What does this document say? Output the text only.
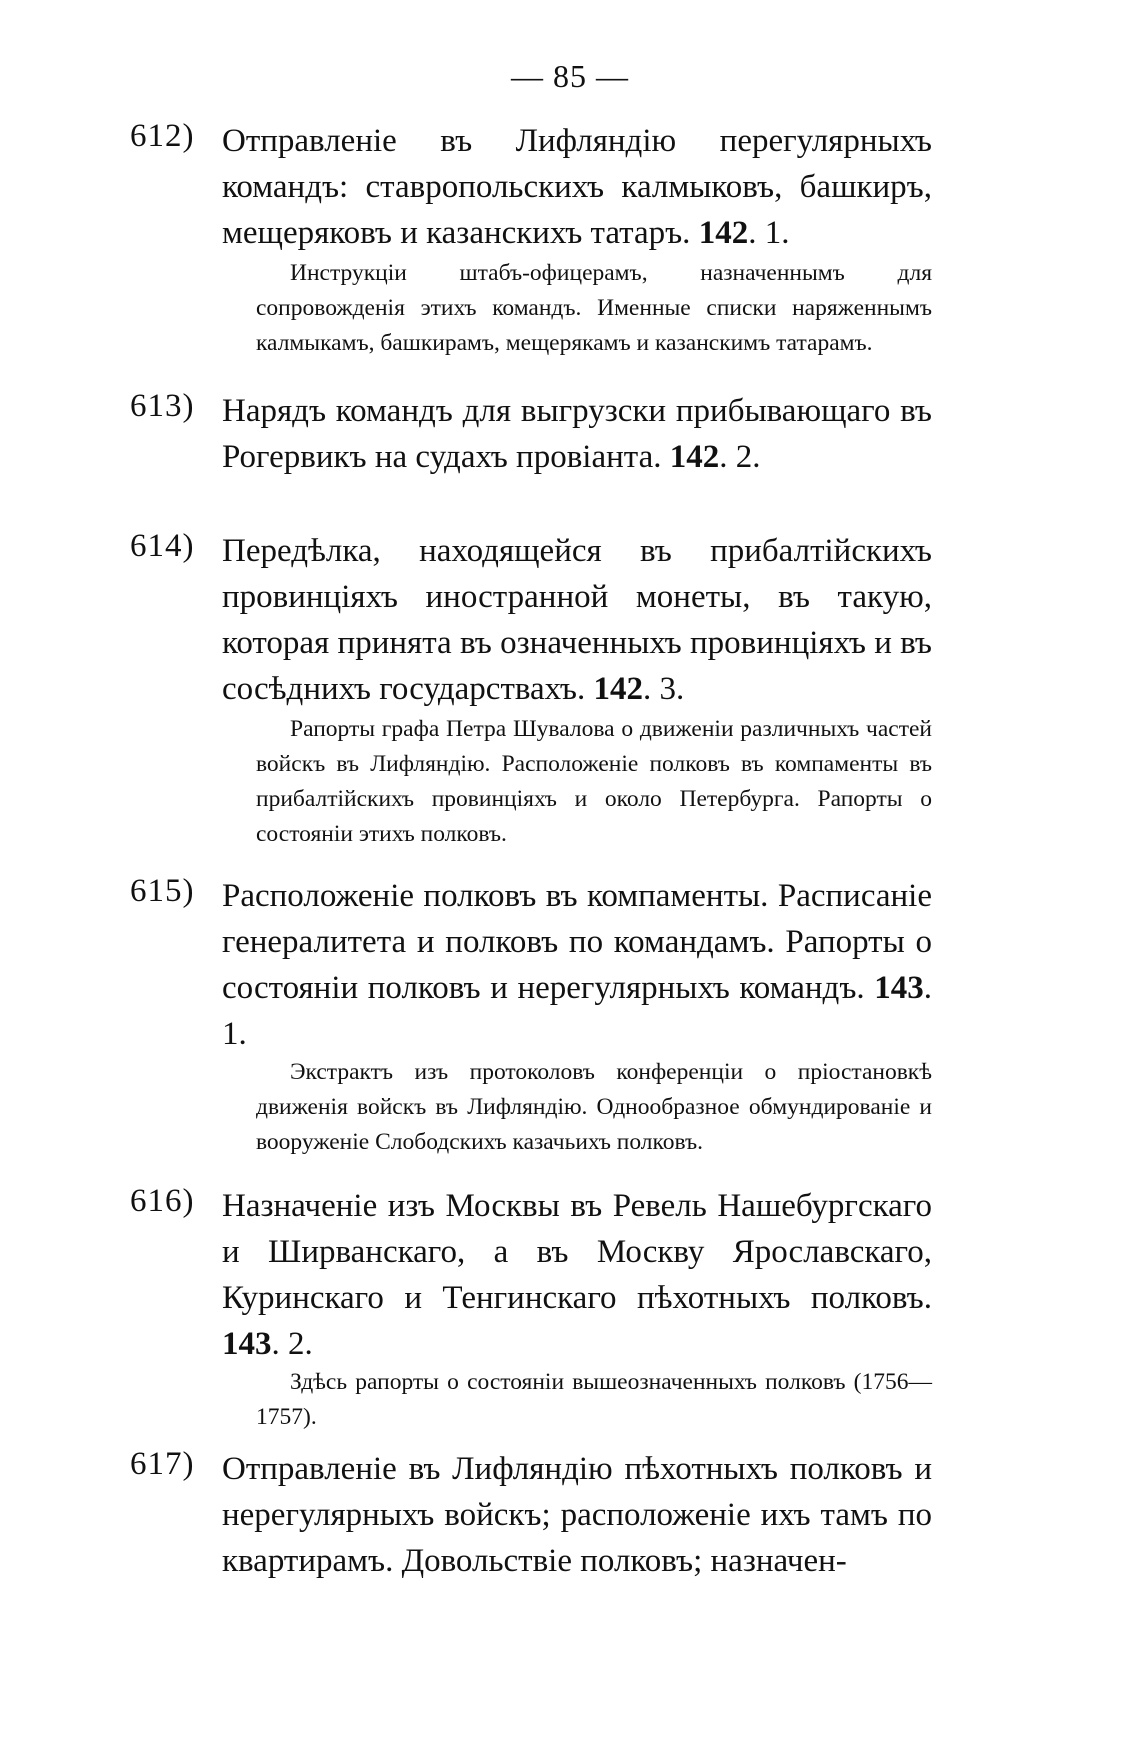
— 85 —
612) Отправленiе въ Лифляндiю перегулярныхъ командъ: ставропольскихъ калмыковъ, башкиръ, мещеряковъ и казанскихъ татаръ. 142. 1.
Инструкцiи штабъ-офицерамъ, назначеннымъ для сопровожденiя этихъ командъ. Именные списки наряженнымъ калмыкамъ, башкирамъ, мещерякамъ и казанскимъ татарамъ.
613) Нарядъ командъ для выгрузски прибывающаго въ Рогервикъ на судахъ провiанта. 142. 2.
614) Передѣлка, находящейся въ прибалтiйскихъ провинцiяхъ иностранной монеты, въ такую, которая принята въ означенныхъ провинцiяхъ и въ сосѣднихъ государствахъ. 142. 3.
Рапорты графа Петра Шувалова о движенiи различныхъ частей войскъ въ Лифляндiю. Расположенiе полковъ въ компаменты въ прибалтiйскихъ провинцiяхъ и около Петербурга. Рапорты о состоянiи этихъ полковъ.
615) Расположенiе полковъ въ компаменты. Расписанiе генералитета и полковъ по командамъ. Рапорты о состоянiи полковъ и нерегулярныхъ командъ. 143. 1.
Экстрактъ изъ протоколовъ конференцiи о прiостановкѣ движенiя войскъ въ Лифляндiю. Однообразное обмундированiе и вооруженiе Слободскихъ казачьихъ полковъ.
616) Назначенiе изъ Москвы въ Ревель Нашебургскаго и Ширванскаго, а въ Москву Ярославскаго, Куринскаго и Тенгинскаго пѣхотныхъ полковъ. 143. 2.
Здѣсь рапорты о состоянiи вышеозначенныхъ полковъ (1756—1757).
617) Отправленiе въ Лифляндiю пѣхотныхъ полковъ и нерегулярныхъ войскъ; расположенiе ихъ тамъ по квартирамъ. Довольствiе полковъ; назначен-
